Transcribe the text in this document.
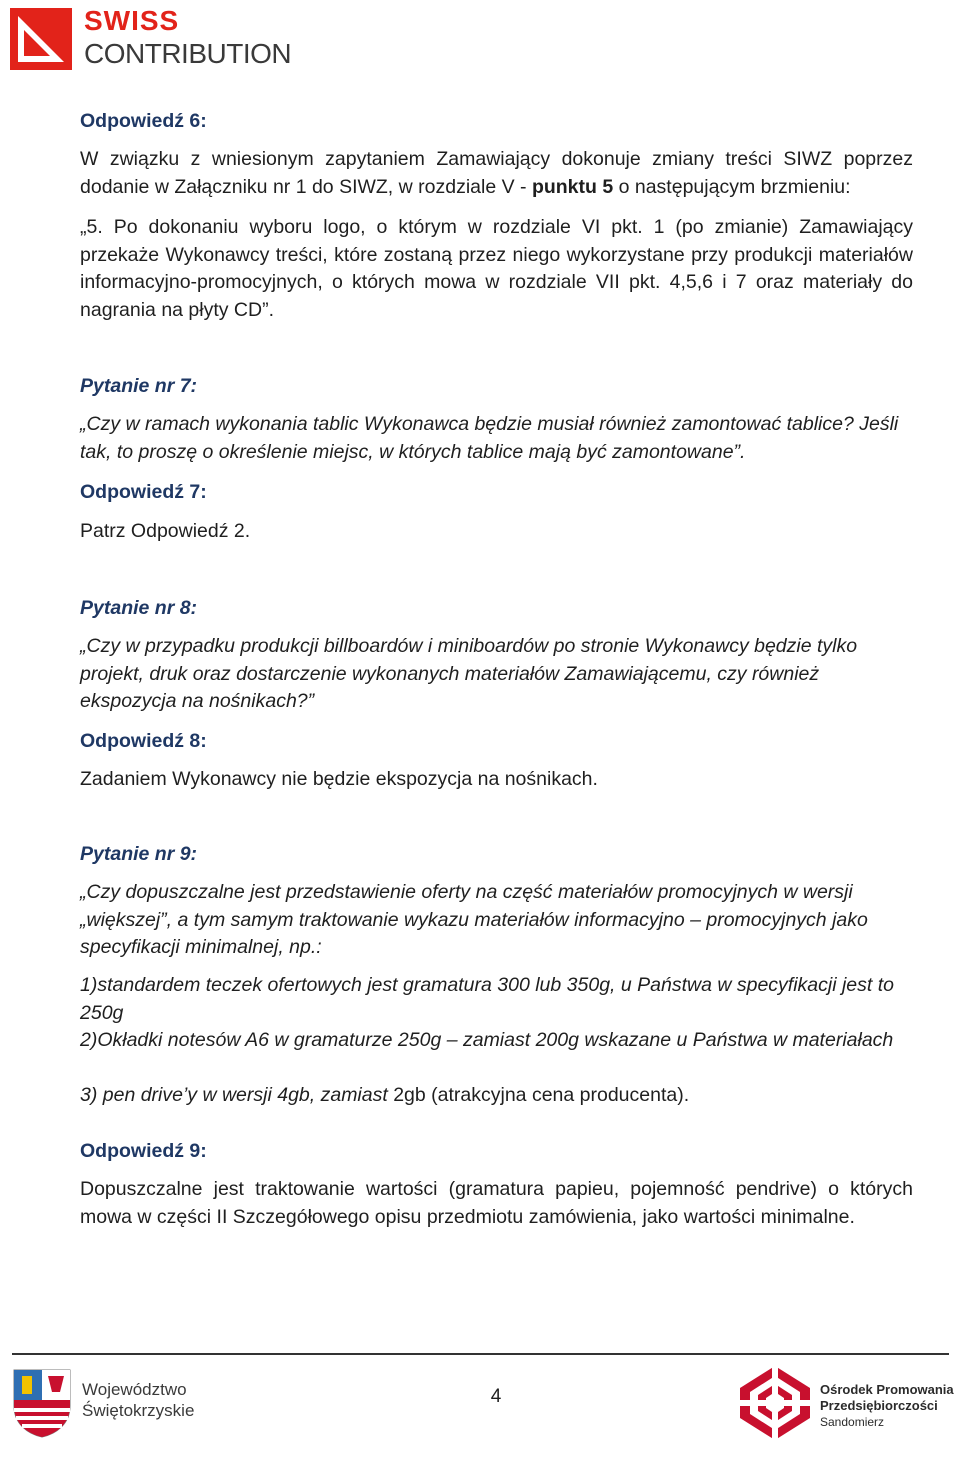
SWISS
CONTRIBUTION
Odpowiedź 6:
W związku z wniesionym zapytaniem Zamawiający dokonuje zmiany treści SIWZ poprzez dodanie w Załączniku nr 1 do SIWZ, w rozdziale V - punktu 5 o następującym brzmieniu:
„5. Po dokonaniu wyboru logo, o którym w rozdziale VI pkt. 1 (po zmianie) Zamawiający przekaże Wykonawcy treści, które zostaną przez niego wykorzystane przy produkcji materiałów informacyjno-promocyjnych, o których mowa w rozdziale VII pkt. 4,5,6 i 7 oraz materiały do nagrania na płyty CD”.
Pytanie nr 7:
„Czy w ramach wykonania tablic Wykonawca będzie musiał również zamontować tablice? Jeśli tak, to proszę o określenie miejsc, w których tablice mają być zamontowane”.
Odpowiedź 7:
Patrz Odpowiedź 2.
Pytanie nr 8:
„Czy w przypadku produkcji billboardów i miniboardów po stronie Wykonawcy będzie tylko projekt, druk oraz dostarczenie wykonanych materiałów Zamawiającemu, czy również ekspozycja na nośnikach?”
Odpowiedź 8:
Zadaniem Wykonawcy nie będzie ekspozycja na nośnikach.
Pytanie nr 9:
„Czy dopuszczalne jest przedstawienie oferty na część materiałów promocyjnych w wersji „większej”, a tym samym traktowanie wykazu materiałów informacyjno – promocyjnych jako specyfikacji minimalnej, np.:
1)standardem teczek ofertowych jest gramatura 300 lub 350g, u Państwa w specyfikacji jest to 250g
2)Okładki notesów A6 w gramaturze 250g – zamiast 200g wskazane u Państwa w materiałach
3) pen drive’y w wersji 4gb, zamiast 2gb (atrakcyjna cena producenta).
Odpowiedź 9:
Dopuszczalne jest traktowanie wartości (gramatura papieu, pojemność pendrive) o których mowa w części II Szczegółowego opisu przedmiotu zamówienia, jako wartości minimalne.
Województwo
Świętokrzyskie
4	Ośrodek Promowania
Przedsiębiorczości
Sandomierz
